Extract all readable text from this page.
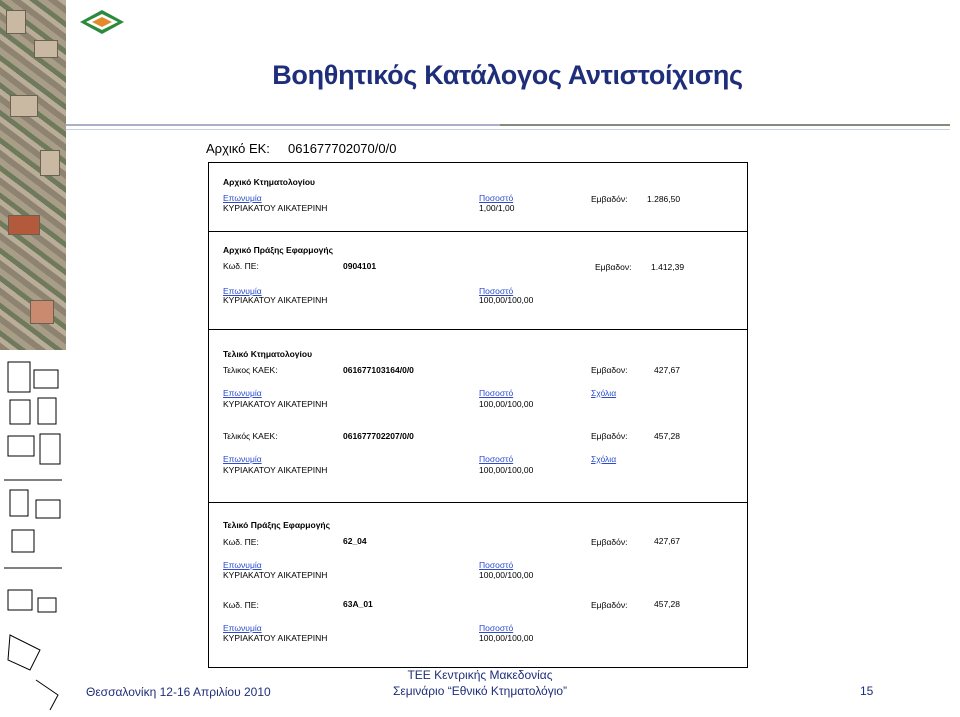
Βοηθητικός Κατάλογος Αντιστοίχισης
Αρχικό ΕΚ: 061677702070/0/0
Αρχικό Κτηματολογίου
Επωνυμία	Ποσοστό	Εμβαδόν: 1.286,50
ΚΥΡΙΑΚΑΤΟΥ ΑΙΚΑΤΕΡΙΝΗ	1,00/1,00
Αρχικό Πράξης Εφαρμογής
Κωδ. ΠΕ:	0904101	Εμβαδον: 1.412,39
Επωνυμία	Ποσοστό
ΚΥΡΙΑΚΑΤΟΥ ΑΙΚΑΤΕΡΙΝΗ	100,00/100,00
Τελικό Κτηματολογίου
Τελικος ΚΑΕΚ:	061677103164/0/0	Εμβαδον:	427,67
Επωνυμία	Ποσοστό	Σχόλια
ΚΥΡΙΑΚΑΤΟΥ ΑΙΚΑΤΕΡΙΝΗ	100,00/100,00
Τελικός ΚΑΕΚ:	061677702207/0/0	Εμβαδόν:	457,28
Επωνυμία	Ποσοστό	Σχόλια
ΚΥΡΙΑΚΑΤΟΥ ΑΙΚΑΤΕΡΙΝΗ	100,00/100,00
Τελικό Πράξης Εφαρμογής
Κωδ. ΠΕ:	62_04	Εμβαδόν:	427,67
Επωνυμία	Ποσοστό
ΚΥΡΙΑΚΑΤΟΥ ΑΙΚΑΤΕΡΙΝΗ	100,00/100,00
Κωδ. ΠΕ:	63Α_01	Εμβαδόν:	457,28
Επωνυμία	Ποσοστό
ΚΥΡΙΑΚΑΤΟΥ ΑΙΚΑΤΕΡΙΝΗ	100,00/100,00
Θεσσαλονίκη 12-16 Απριλίου 2010
ΤΕΕ Κεντρικής Μακεδονίας
Σεμινάριο “Εθνικό Κτηματολόγιο”	15
